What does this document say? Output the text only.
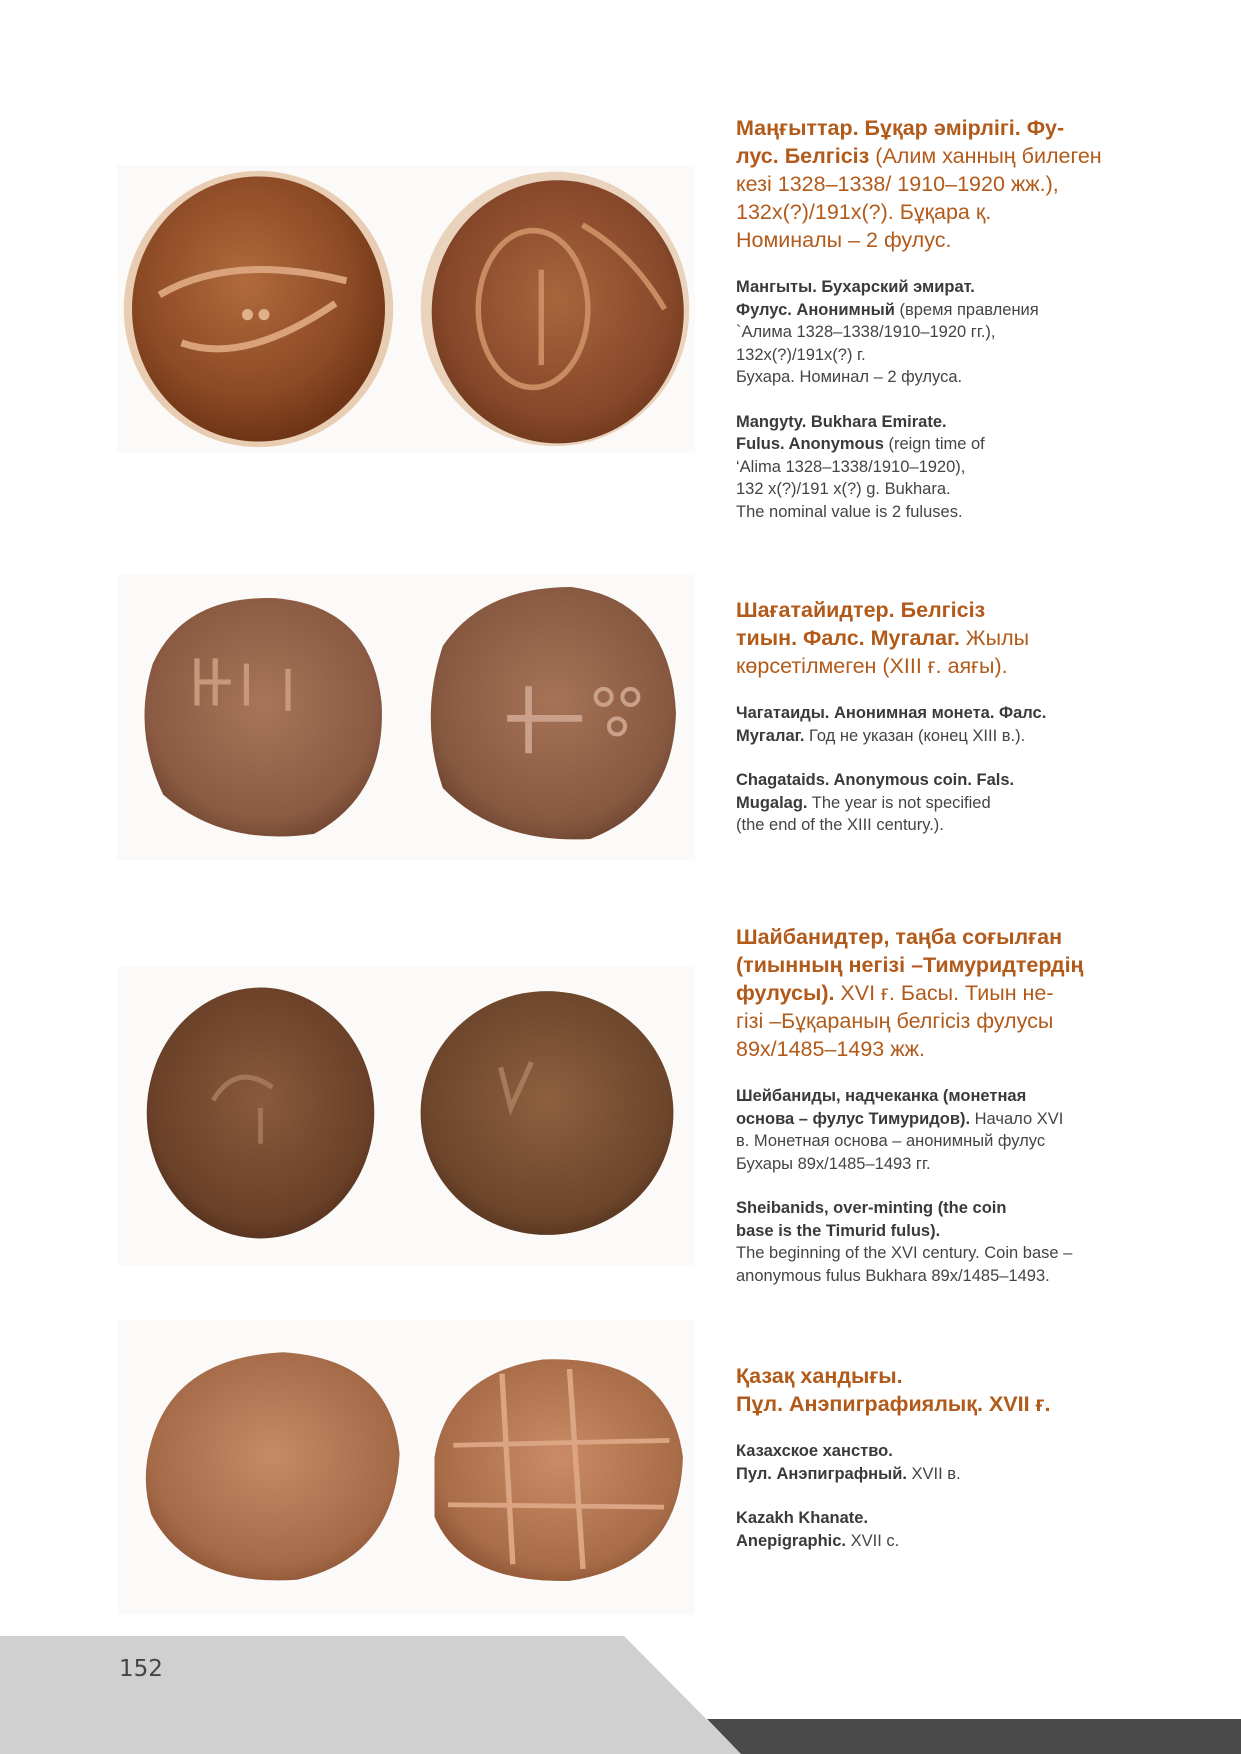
Маңғыттар. Бұқар әмірлігі. Фу-
лус. Белгісіз (Алим ханның билеген
кезі 1328–1338/ 1910–1920 жж.),
132х(?)/191х(?). Бұқара қ.
Номиналы – 2 фулус.
Мангыты. Бухарский эмират.
Фулус. Анонимный (время правления
`Алима 1328–1338/1910–1920 гг.),
132х(?)/191х(?) г.
Бухара. Номинал – 2 фулуса.
Mangyty. Bukhara Emirate.
Fulus. Anonymous (reign time of
‘Alima 1328–1338/1910–1920),
132 x(?)/191 x(?) g. Bukhara.
The nominal value is 2 fuluses.
Шағатайидтер. Белгісіз
тиын. Фалс. Мугалаг. Жылы
көрсетілмеген (XIII ғ. аяғы).
Чагатаиды. Анонимная монета. Фалс.
Мугалаг. Год не указан (конец XIII в.).
Chagataids. Anonymous coin. Fals.
Mugalag. The year is not specified
(the end of the XIII century.).
Шайбанидтер, таңба соғылған
(тиынның негізі –Тимуридтердің
фулусы). XVI ғ. Басы. Тиын не-
гізі –Бұқараның белгісіз фулусы
89х/1485–1493 жж.
Шейбаниды, надчеканка (монетная
основа – фулус Тимуридов). Начало XVI
в. Монетная основа – анонимный фулус
Бухары 89х/1485–1493 гг.
Sheibanids, over-minting (the coin
base is the Timurid fulus).
The beginning of the XVI century. Coin base –
anonymous fulus Bukhara 89x/1485–1493.
Қазақ хандығы.
Пұл. Анэпиграфиялық. XVII ғ.
Казахское ханство.
Пул. Анэпиграфный. XVII в.
Kazakh Khanate.
Anepigraphic. XVII c.
152
